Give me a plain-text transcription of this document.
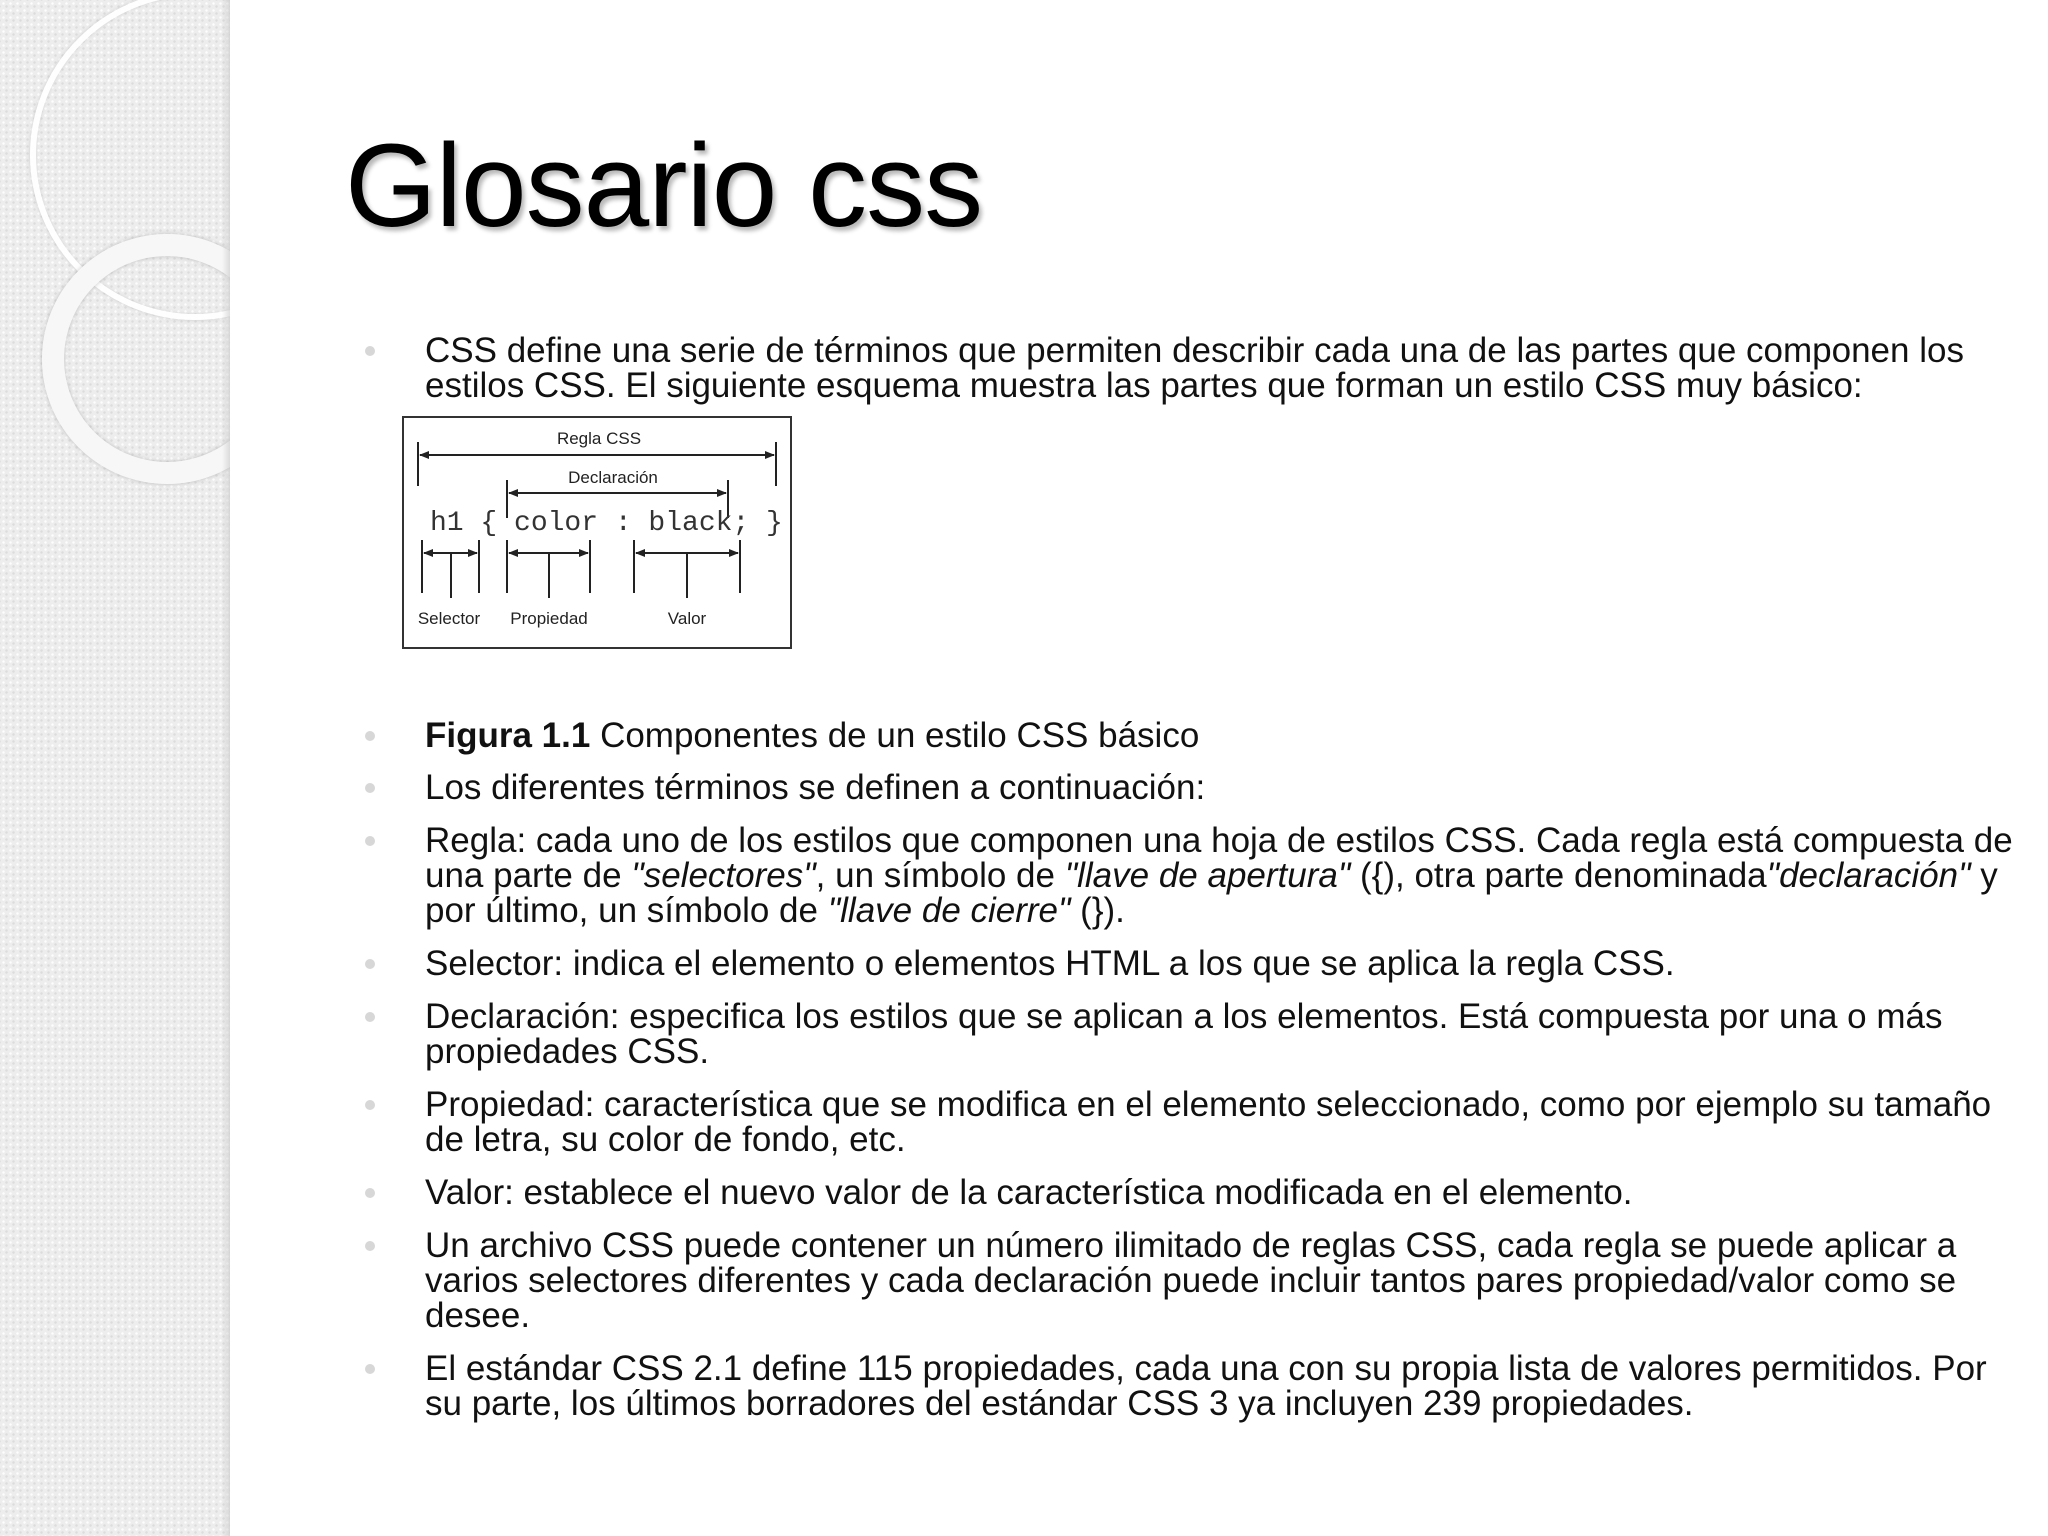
Glosario css

CSS define una serie de términos que permiten describir cada una de las partes que componen los estilos CSS. El siguiente esquema muestra las partes que forman un estilo CSS muy básico:

Regla CSS
Declaración
h1 { color : black; }
Selector Propiedad	Valor

Figura 1.1 Componentes de un estilo CSS básico

Los diferentes términos se definen a continuación:

Regla: cada uno de los estilos que componen una hoja de estilos CSS. Cada regla está compuesta de una parte de "selectores", un símbolo de "llave de apertura" ({), otra parte denominada"declaración" y por último, un símbolo de "llave de cierre" (}).

Selector: indica el elemento o elementos HTML a los que se aplica la regla CSS.

Declaración: especifica los estilos que se aplican a los elementos. Está compuesta por una o más propiedades CSS.

Propiedad: característica que se modifica en el elemento seleccionado, como por ejemplo su tamaño de letra, su color de fondo, etc.

Valor: establece el nuevo valor de la característica modificada en el elemento.

Un archivo CSS puede contener un número ilimitado de reglas CSS, cada regla se puede aplicar a varios selectores diferentes y cada declaración puede incluir tantos pares propiedad/valor como se desee.

El estándar CSS 2.1 define 115 propiedades, cada una con su propia lista de valores permitidos. Por su parte, los últimos borradores del estándar CSS 3 ya incluyen 239 propiedades.
